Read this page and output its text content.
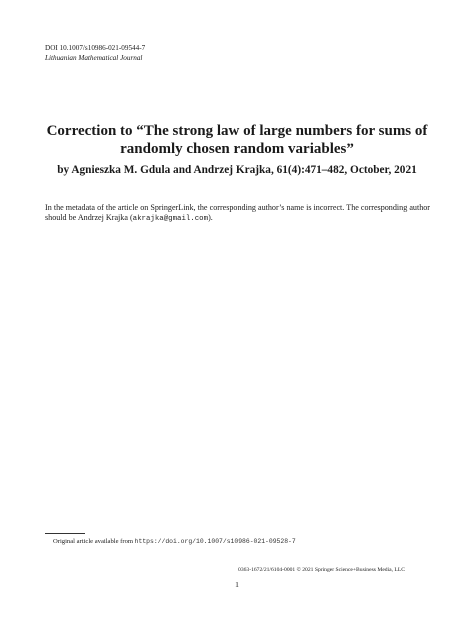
DOI 10.1007/s10986-021-09544-7
Lithuanian Mathematical Journal

Correction to “The strong law of large numbers for sums of
randomly chosen random variables”

by Agnieszka M. Gdula and Andrzej Krajka, 61(4):471–482, October, 2021

In the metadata of the article on SpringerLink, the corresponding author’s name is incorrect. The corresponding author should be Andrzej Krajka (akrajka@gmail.com).
Original article available from https://doi.org/10.1007/s10986-021-09528-7
0363-1672/21/6104-0001 © 2021 Springer Science+Business Media, LLC
1
